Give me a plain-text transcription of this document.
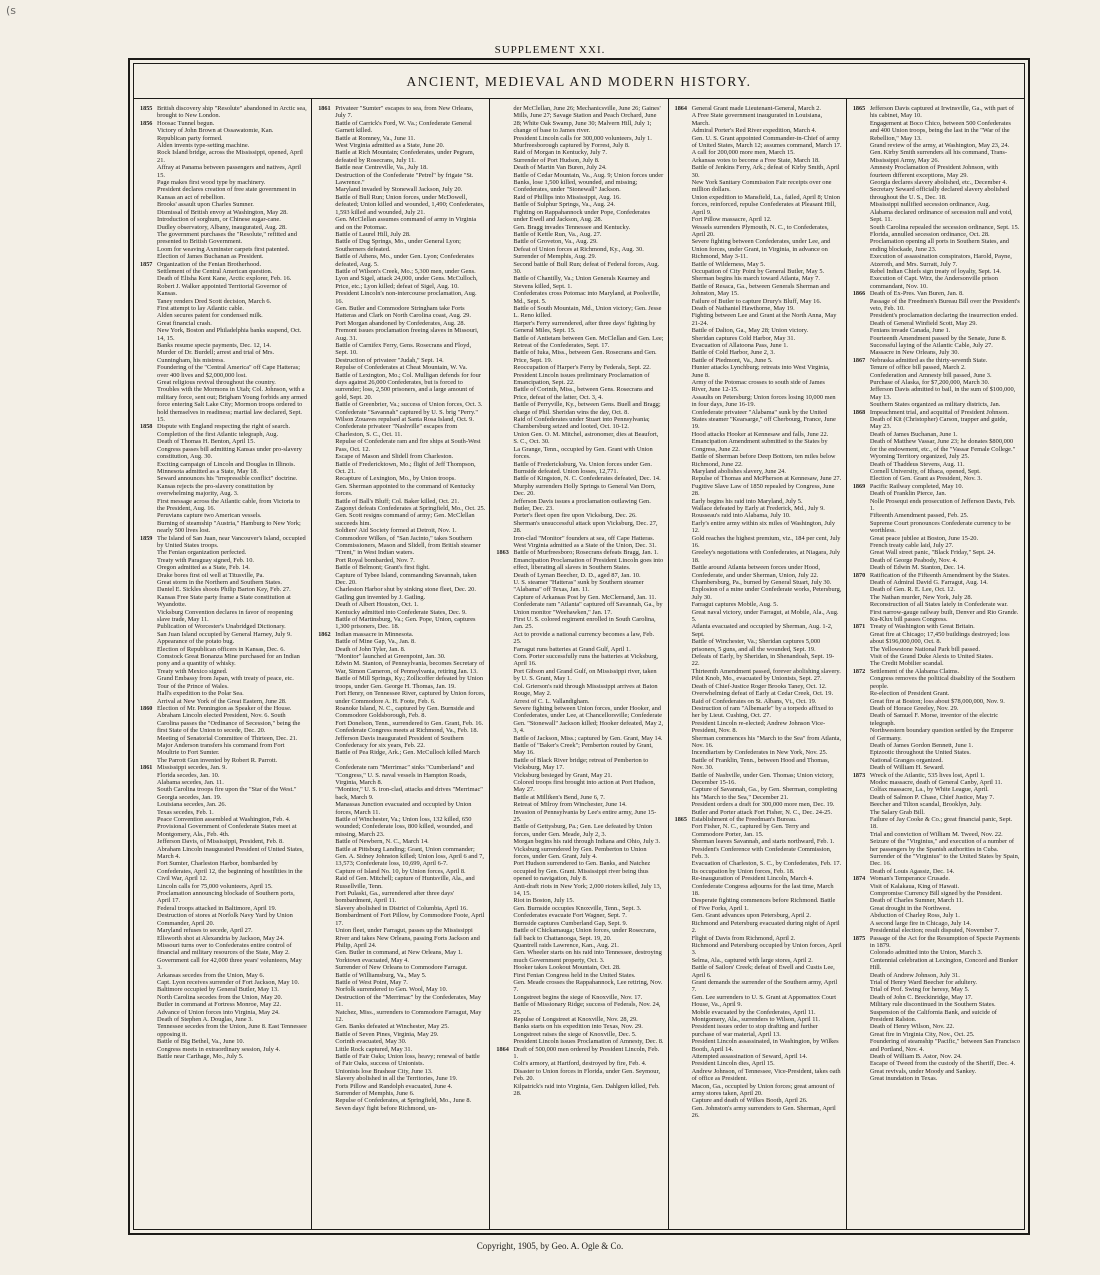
(s
SUPPLEMENT XXI.
ANCIENT, MEDIEVAL AND MODERN HISTORY.
1855 British discovery ship "Resolute" abandoned in Arctic sea, brought to New London.
1856 Hoosac Tunnel begun.
Victory of John Brown at Ossawatomie, Kan.
Republican party formed.
Alden invents type-setting machine.
Rock Island bridge, across the Mississippi, opened, April 21.
Affray at Panama between passengers and natives, April 15.
Page makes first wood type by machinery.
President declares creation of free state government in Kansas an act of rebellion.
Brooks' assault upon Charles Sumner.
Dismissal of British envoy at Washington, May 28.
Introduction of sorghum, or Chinese sugar-cane.
Dudley observatory, Albany, inaugurated, Aug. 28.
The government purchases the "Resolute," refitted and presented to British Government.
Loom for weaving Axminster carpets first patented.
Election of James Buchanan as President.
1857 Organization of the Fenian Brotherhood.
Settlement of the Central American question.
Death of Elisha Kent Kane, Arctic explorer, Feb. 16.
Robert J. Walker appointed Territorial Governor of Kansas.
Taney renders Dred Scott decision, March 6.
First attempt to lay Atlantic cable.
Alden secures patent for condensed milk.
Great financial crash.
New York, Boston and Philadelphia banks suspend, Oct. 14, 15.
Banks resume specie payments, Dec. 12, 14.
Murder of Dr. Burdell; arrest and trial of Mrs. Cunningham, his mistress.
Foundering of the "Central America" off Cape Hatteras; over 400 lives and $2,000,000 lost.
Great religious revival throughout the country.
Troubles with the Mormons in Utah; Col. Johnson, with a military force, sent out; Brigham Young forbids any armed force entering Salt Lake City; Mormon troops ordered to hold themselves in readiness; martial law declared, Sept. 15.
1858 Dispute with England respecting the right of search.
Completion of the first Atlantic telegraph, Aug.
Death of Thomas H. Benton, April 15.
Congress passes bill admitting Kansas under pro-slavery constitution, Aug. 30.
Exciting campaign of Lincoln and Douglas in Illinois.
Minnesota admitted as a State, May 18.
Seward announces his "irrepressible conflict" doctrine.
Kansas rejects the pro-slavery constitution by overwhelming majority, Aug. 3.
First message across the Atlantic cable, from Victoria to the President, Aug. 16.
Peruvians capture two American vessels.
Burning of steamship "Austria," Hamburg to New York; nearly 500 lives lost.
1859 The Island of San Juan, near Vancouver's Island, occupied by United States troops.
The Fenian organization perfected.
Treaty with Paraguay signed, Feb. 10.
Oregon admitted as a State, Feb. 14.
Drake bores first oil well at Titusville, Pa.
Great storm in the Northern and Southern States.
Daniel E. Sickles shoots Philip Barton Key, Feb. 27.
Kansas Free State party frame a State constitution at Wyandotte.
Vicksburg Convention declares in favor of reopening slave trade, May 11.
Publication of Worcester's Unabridged Dictionary.
San Juan Island occupied by General Harney, July 9.
Appearance of the potato bug.
Election of Republican officers in Kansas, Dec. 6.
Comstock Great Bonanza Mine purchased for an Indian pony and a quantity of whisky.
Treaty with Mexico signed.
Grand Embassy from Japan, with treaty of peace, etc.
Tour of the Prince of Wales.
Hall's expedition to the Polar Sea.
Arrival at New York of the Great Eastern, June 28.
1860 Election of Mr. Pennington as Speaker of the House.
Abraham Lincoln elected President, Nov. 6. South Carolina passes the "Ordinance of Secession," being the first State of the Union to secede, Dec. 20.
Meeting of Senatorial Committee of Thirteen, Dec. 21.
Major Anderson transfers his command from Fort Moultrie to Fort Sumter.
The Parrott Gun invented by Robert R. Parrott.
1861 Mississippi secedes, Jan. 9.
Florida secedes, Jan. 10.
Alabama secedes, Jan. 11.
South Carolina troops fire upon the "Star of the West."
Georgia secedes, Jan. 19.
Louisiana secedes, Jan. 26.
Texas secedes, Feb. 1.
Peace Convention assembled at Washington, Feb. 4.
Provisional Government of Confederate States meet at Montgomery, Ala., Feb. 4th.
Jefferson Davis, of Mississippi, President, Feb. 8.
Abraham Lincoln inaugurated President of United States, March 4.
Fort Sumter, Charleston Harbor, bombarded by Confederates, April 12, the beginning of hostilities in the Civil War, April 12.
Lincoln calls for 75,000 volunteers, April 15.
Proclamation announcing blockade of Southern ports, April 17.
Federal troops attacked in Baltimore, April 19.
Destruction of stores at Norfolk Navy Yard by Union Commander, April 20.
Maryland refuses to secede, April 27.
Ellsworth shot at Alexandria by Jackson, May 24.
Missouri turns over to Confederates entire control of financial and military resources of the State, May 2.
Government call for 42,000 three years' volunteers, May 3.
Arkansas secedes from the Union, May 6.
Capt. Lyon receives surrender of Fort Jackson, May 10.
Baltimore occupied by General Butler, May 13.
North Carolina secedes from the Union, May 20.
Butler in command at Fortress Monroe, May 22.
Advance of Union forces into Virginia, May 24.
Death of Stephen A. Douglas, June 3.
Tennessee secedes from the Union, June 8. East Tennessee opposing it.
Battle of Big Bethel, Va., June 10.
Congress meets in extraordinary session, July 4.
Battle near Carthage, Mo., July 5.
1861 Privateer "Sumter" escapes to sea, from New Orleans, July 7.
Battle of Carrick's Ford, W. Va.; Confederate General Garnett killed.
Battle at Romney, Va., June 11.
West Virginia admitted as a State, June 20.
Battle at Rich Mountain; Confederates, under Pegram, defeated by Rosecrans, July 11.
Battle near Centreville, Va., July 18.
Destruction of the Confederate "Petrel" by frigate "St. Lawrence."
Maryland invaded by Stonewall Jackson, July 20.
Battle of Bull Run; Union forces, under McDowell, defeated; Union killed and wounded, 1,490; Confederates, 1,593 killed and wounded, July 21.
Gen. McClellan assumes command of army in Virginia and on the Potomac.
Battle of Laurel Hill, July 28.
Battle of Dug Springs, Mo., under General Lyon; Southerners defeated.
Battle of Athens, Mo., under Gen. Lyon; Confederates defeated, Aug. 5.
Battle of Wilson's Creek, Mo.; 5,300 men, under Gens. Lyon and Sigel, attack 24,000, under Gens. McCulloch, Price, etc.; Lyon killed; defeat of Sigel, Aug. 10.
President Lincoln's non-intercourse proclamation, Aug. 16.
Gen. Butler and Commodore Stringham take Forts Hatteras and Clark on North Carolina coast, Aug. 29.
Port Morgan abandoned by Confederates, Aug. 28.
Fremont issues proclamation freeing slaves in Missouri, Aug. 31.
Battle of Carnifex Ferry, Gens. Rosecrans and Floyd, Sept. 10.
Destruction of privateer "Judah," Sept. 14.
Repulse of Confederates at Cheat Mountain, W. Va.
Battle of Lexington, Mo.; Col. Mulligan defends for four days against 26,000 Confederates, but is forced to surrender; loss, 2,500 prisoners, and a large amount of gold, Sept. 20.
Battle of Greenbrier, Va.; success of Union forces, Oct. 3.
Confederate "Savannah" captured by U. S. brig "Perry."
Wilson Zouaves repulsed at Santa Rosa Island, Oct. 9.
Confederate privateer "Nashville" escapes from Charleston, S. C., Oct. 11.
Repulse of Confederate ram and fire ships at South-West Pass, Oct. 12.
Escape of Mason and Slidell from Charleston.
Battle of Fredericktown, Mo.; flight of Jeff Thompson, Oct. 21.
Recapture of Lexington, Mo., by Union troops.
Gen. Sherman appointed to the command of Kentucky forces.
Battle of Ball's Bluff; Col. Baker killed, Oct. 21.
Zagonyi defeats Confederates at Springfield, Mo., Oct. 25.
Gen. Scott resigns command of army; Gen. McClellan succeeds him.
Soldiers' Aid Society formed at Detroit, Nov. 1.
Commodore Wilkes, of "San Jacinto," takes Southern Commissioners, Mason and Slidell, from British steamer "Trent," in West Indian waters.
Port Royal bombarded, Nov. 7.
Battle of Belmont; Grant's first fight.
Capture of Tybee Island, commanding Savannah, taken Dec. 20.
Charleston Harbor shut by sinking stone fleet, Dec. 20.
Gatling gun invented by J. Gatling.
Death of Albert Houston, Oct. 1.
Kentucky admitted into Confederate States, Dec. 9.
Battle of Martinsburg, Va.; Gen. Pope, Union, captures 1,300 prisoners, Dec. 18.
1862 Indian massacre in Minnesota.
Battle of Mine Gap, Va., Jan. 8.
Death of John Tyler, Jan. 8.
"Monitor" launched at Greenpoint, Jan. 30.
Edwin M. Stanton, of Pennsylvania, becomes Secretary of War, Simon Cameron, of Pennsylvania, retiring Jan. 13.
Battle of Mill Springs, Ky.; Zollicoffer defeated by Union troops, under Gen. George H. Thomas, Jan. 19.
Fort Henry, on Tennessee River, captured by Union forces, under Commodore A. H. Foote, Feb. 6.
Roanoke Island, N. C., captured by Gen. Burnside and Commodore Goldsborough, Feb. 8.
Fort Donelson, Tenn., surrendered to Gen. Grant, Feb. 16.
Confederate Congress meets at Richmond, Va., Feb. 18.
Jefferson Davis inaugurated President of Southern Confederacy for six years, Feb. 22.
Battle of Pea Ridge, Ark.; Gen. McCulloch killed March 6.
Confederate ram "Merrimac" sinks "Cumberland" and "Congress," U. S. naval vessels in Hampton Roads, Virginia, March 8.
"Monitor," U. S. iron-clad, attacks and drives "Merrimac" back, March 9.
Manassas Junction evacuated and occupied by Union forces, March 11.
Battle of Winchester, Va.; Union loss, 132 killed, 650 wounded; Confederate loss, 800 killed, wounded, and missing, March 23.
Battle of Newbern, N. C., March 14.
Battle at Pittsburg Landing; Grant, Union commander; Gen. A. Sidney Johnston killed; Union loss, April 6 and 7, 13,573; Confederate loss, 10,699, April 6-7.
Capture of Island No. 10, by Union forces, April 8.
Raid of Gen. Mitchell; capture of Huntsville, Ala., and Russellville, Tenn.
Fort Pulaski, Ga., surrendered after three days' bombardment, April 11.
Slavery abolished in District of Columbia, April 16.
Bombardment of Fort Pillow, by Commodore Foote, April 17.
Union fleet, under Farragut, passes up the Mississippi River and takes New Orleans, passing Forts Jackson and Philip, April 24.
Gen. Butler in command, at New Orleans, May 1.
Yorktown evacuated, May 4.
Surrender of New Orleans to Commodore Farragut.
Battle of Williamsburg, Va., May 5.
Battle of West Point, May 7.
Norfolk surrendered to Gen. Wool, May 10.
Destruction of the "Merrimac" by the Confederates, May 11.
Natchez, Miss., surrenders to Commodore Farragut, May 12.
Gen. Banks defeated at Winchester, May 25.
Battle of Seven Pines, Virginia, May 29.
Corinth evacuated, May 30.
Little Rock captured, May 31.
Battle of Fair Oaks; Union loss, heavy; renewal of battle of Fair Oaks, success of Unionists.
Unionists lose Brashear City, June 13.
Slavery abolished in all the Territories, June 19.
Forts Pillow and Randolph evacuated, June 4.
Surrender of Memphis, June 6.
Repulse of Confederates, at Springfield, Mo., June 8.
Seven days' fight before Richmond, un-
der McClellan, June 26; Mechanicsville, June 26; Gaines' Mills, June 27; Savage Station and Peach Orchard, June 28; White Oak Swamp, June 30; Malvern Hill, July 1; change of base to James river.
President Lincoln calls for 300,000 volunteers, July 1.
Murfreesborough captured by Forrest, July 8.
Raid of Morgan in Kentucky, July 7.
Surrender of Port Hudson, July 8.
Death of Martin Van Buren, July 24.
Battle of Cedar Mountain, Va., Aug. 9; Union forces under Banks, lose 1,500 killed, wounded, and missing; Confederates, under "Stonewall" Jackson.
Raid of Phillips into Mississippi, Aug. 16.
Battle of Sulphur Springs, Va., Aug. 24.
Fighting on Rappahannock under Pope, Confederates under Ewell and Jackson, Aug. 28.
Gen. Bragg invades Tennessee and Kentucky.
Battle of Kettle Run, Va., Aug. 27.
Battle of Groveton, Va., Aug. 29.
Defeat of Union forces at Richmond, Ky., Aug. 30.
Surrender of Memphis, Aug. 29.
Second battle of Bull Run; defeat of Federal forces, Aug. 30.
Battle of Chantilly, Va.; Union Generals Kearney and Stevens killed, Sept. 1.
Confederates cross Potomac into Maryland, at Poolsville, Md., Sept. 5.
Battle of South Mountain, Md., Union victory; Gen. Jesse L. Reno killed.
Harper's Ferry surrendered, after three days' fighting by General Miles, Sept. 15.
Battle of Antietam between Gen. McClellan and Gen. Lee; Retreat of the Confederates, Sept. 17.
Battle of Iuka, Miss., between Gen. Rosecrans and Gen. Price, Sept. 19.
Reoccupation of Harper's Ferry by Federals, Sept. 22.
President Lincoln issues preliminary Proclamation of Emancipation, Sept. 22.
Battle of Corinth, Miss., between Gens. Rosecrans and Price, defeat of the latter, Oct. 3, 4.
Battle of Perryville, Ky., between Gens. Buell and Bragg; charge of Phil. Sheridan wins the day, Oct. 8.
Raid of Confederates under Stuart into Pennsylvania; Chambersburg seized and looted, Oct. 10-12.
Union Gen. O. M. Mitchel, astronomer, dies at Beaufort, S. C., Oct. 30.
La Grange, Tenn., occupied by Gen. Grant with Union forces.
Battle of Fredericksburg, Va. Union forces under Gen. Burnside defeated. Union losses, 12,771.
Battle of Kingston, N. C. Confederates defeated, Dec. 14.
Murphy surrenders Holly Springs to General Van Dorn, Dec. 20.
Jefferson Davis issues a proclamation outlawing Gen. Butler, Dec. 23.
Porter's fleet open fire upon Vicksburg, Dec. 26.
Sherman's unsuccessful attack upon Vicksburg, Dec. 27, 28.
Iron-clad "Monitor" founders at sea, off Cape Hatteras.
West Virginia admitted as a State of the Union, Dec. 31.
1863 Battle of Murfreesboro; Rosecrans defeats Bragg, Jan. 1.
Emancipation Proclamation of President Lincoln goes into effect, liberating all slaves in Southern States.
Death of Lyman Beecher, D. D., aged 87, Jan. 10.
U. S. steamer "Hatteras" sunk by Southern steamer "Alabama" off Texas, Jan. 11.
Capture of Arkansas Post by Gen. McClernand, Jan. 11.
Confederate ram "Atlanta" captured off Savannah, Ga., by Union monitor "Weehawken," Jan. 17.
First U. S. colored regiment enrolled in South Carolina, Jan. 25.
Act to provide a national currency becomes a law, Feb. 25.
Farragut runs batteries at Grand Gulf, April 1.
Com. Porter successfully runs the batteries at Vicksburg, April 16.
Port Gibson and Grand Gulf, on Mississippi river, taken by U. S. Grant, May 1.
Col. Grierson's raid through Mississippi arrives at Baton Rouge, May 2.
Arrest of C. L. Vallandigham.
Severe fighting between Union forces, under Hooker, and Confederates, under Lee, at Chancellorsville; Confederate Gen. "Stonewall" Jackson killed; Hooker defeated, May 2, 3, 4.
Battle of Jackson, Miss.; captured by Gen. Grant, May 14.
Battle of "Baker's Creek"; Pemberton routed by Grant, May 16.
Battle of Black River bridge; retreat of Pemberton to Vicksburg, May 17.
Vicksburg besieged by Grant, May 21.
Colored troops first brought into action at Port Hudson, May 27.
Battle at Milliken's Bend, June 6, 7.
Retreat of Milroy from Winchester, June 14.
Invasion of Pennsylvania by Lee's entire army, June 15-25.
Battle of Gettysburg, Pa.; Gen. Lee defeated by Union forces, under Gen. Meade, July 2, 3.
Morgan begins his raid through Indiana and Ohio, July 3.
Vicksburg surrendered by Gen. Pemberton to Union forces, under Gen. Grant, July 4.
Port Hudson surrendered to Gen. Banks, and Natchez occupied by Gen. Grant. Mississippi river being thus opened to navigation, July 8.
Anti-draft riots in New York; 2,000 rioters killed, July 13, 14, 15.
Riot in Boston, July 15.
Gen. Burnside occupies Knoxville, Tenn., Sept. 3.
Confederates evacuate Fort Wagner, Sept. 7.
Burnside captures Cumberland Gap, Sept. 9.
Battle of Chickamauga; Union forces, under Rosecrans, fall back to Chattanooga, Sept. 19, 20.
Quantrell raids Lawrence, Kan., Aug. 21.
Gen. Wheeler starts on his raid into Tennessee, destroying much Government property, Oct. 3.
Hooker takes Lookout Mountain, Oct. 28.
First Fenian Congress held in the United States.
Gen. Meade crosses the Rappahannock, Lee retiring, Nov. 7.
Longstreet begins the siege of Knoxville, Nov. 17.
Battle of Missionary Ridge; success of Federals, Nov. 24, 25.
Repulse of Longstreet at Knoxville, Nov. 28, 29.
Banks starts on his expedition into Texas, Nov. 29.
Longstreet raises the siege of Knoxville, Dec. 5.
President Lincoln issues Proclamation of Amnesty, Dec. 8.
1864 Draft of 500,000 men ordered by President Lincoln, Feb. 1.
Colt's armory, at Hartford, destroyed by fire, Feb. 4.
Disaster to Union forces in Florida, under Gen. Seymour, Feb. 20.
Kilpatrick's raid into Virginia, Gen. Dahlgren killed, Feb. 28.
1864 General Grant made Lieutenant-General, March 2.
A Free State government inaugurated in Louisiana, March.
Admiral Porter's Red River expedition, March 4.
Gen. U. S. Grant appointed Commander-in-Chief of army of United States, March 12; assumes command, March 17.
A call for 200,000 more men, March 15.
Arkansas votes to become a Free State, March 18.
Battle of Jenkins Ferry, Ark.; defeat of Kirby Smith, April 30.
New York Sanitary Commission Fair receipts over one million dollars.
Union expedition to Mansfield, La., failed, April 8; Union forces, reinforced, repulse Confederates at Pleasant Hill, April 9.
Fort Pillow massacre, April 12.
Wessels surrenders Plymouth, N. C., to Confederates, April 20.
Severe fighting between Confederates, under Lee, and Union forces, under Grant, in Virginia, in advance on Richmond, May 3-11.
Battle of Wilderness, May 5.
Occupation of City Point by General Butler, May 5.
Sherman begins his march toward Atlanta, May 7.
Battle of Resaca, Ga., between Generals Sherman and Johnston, May 15.
Failure of Butler to capture Drury's Bluff, May 16.
Death of Nathaniel Hawthorne, May 19.
Fighting between Lee and Grant at the North Anna, May 21-24.
Battle of Dalton, Ga., May 28; Union victory.
Sheridan captures Cold Harbor, May 31.
Evacuation of Allatoona Pass, June 1.
Battle of Cold Harbor, June 2, 3.
Battle of Piedmont, Va., June 5.
Hunter attacks Lynchburg; retreats into West Virginia, June 8.
Army of the Potomac crosses to south side of James River, June 12-15.
Assaults on Petersburg; Union forces losing 10,000 men in four days, June 16-19.
Confederate privateer "Alabama" sunk by the United States steamer "Kearsarge," off Cherbourg, France, June 19.
Hood attacks Hooker at Kennesaw and falls, June 22.
Emancipation Amendment submitted to the States by Congress, June 22.
Battle of Sherman before Deep Bottom, ten miles below Richmond, June 22.
Maryland abolishes slavery, June 24.
Repulse of Thomas and McPherson at Kennesaw, June 27.
Fugitive Slave Law of 1850 repealed by Congress, June 28.
Early begins his raid into Maryland, July 5.
Wallace defeated by Early at Frederick, Md., July 9.
Rousseau's raid into Alabama, July 10.
Early's entire army within six miles of Washington, July 12.
Gold reaches the highest premium, viz., 184 per cent, July 16.
Greeley's negotiations with Confederates, at Niagara, July 18.
Battle around Atlanta between forces under Hood, Confederate, and under Sherman, Union, July 22.
Chambersburg, Pa., burned by General Stuart, July 30.
Explosion of a mine under Confederate works, Petersburg, July 30.
Farragut captures Mobile, Aug. 5.
Great naval victory, under Farragut, at Mobile, Ala., Aug. 5.
Atlanta evacuated and occupied by Sherman, Aug. 1-2, Sept.
Battle of Winchester, Va.; Sheridan captures 5,000 prisoners, 5 guns, and all the wounded, Sept. 19.
Defeats of Early, by Sheridan, in Shenandoah, Sept. 19-22.
Thirteenth Amendment passed, forever abolishing slavery.
Pilot Knob, Mo., evacuated by Unionists, Sept. 27.
Death of Chief-Justice Roger Brooks Taney, Oct. 12.
Overwhelming defeat of Early at Cedar Creek, Oct. 19.
Raid of Confederates on St. Albans, Vt., Oct. 19.
Destruction of ram "Albemarle" by a torpedo affixed to her by Lieut. Cushing, Oct. 27.
President Lincoln re-elected; Andrew Johnson Vice-President, Nov. 8.
Sherman commences his "March to the Sea" from Atlanta, Nov. 16.
Incendiarism by Confederates in New York, Nov. 25.
Battle of Franklin, Tenn., between Hood and Thomas, Nov. 30.
Battle of Nashville, under Gen. Thomas; Union victory, December 15-16.
Capture of Savannah, Ga., by Gen. Sherman, completing his "March to the Sea," December 21.
President orders a draft for 300,000 more men, Dec. 19.
Butler and Porter attack Fort Fisher, N. C., Dec. 24-25.
1865 Establishment of the Freedman's Bureau.
Fort Fisher, N. C., captured by Gen. Terry and Commodore Porter, Jan. 15.
Sherman leaves Savannah, and starts northward, Feb. 1.
President's Conference with Confederate Commission, Feb. 3.
Evacuation of Charleston, S. C., by Confederates, Feb. 17.
Its occupation by Union forces, Feb. 18.
Re-inauguration of President Lincoln, March 4.
Confederate Congress adjourns for the last time, March 18.
Desperate fighting commences before Richmond. Battle of Five Forks, April 1.
Gen. Grant advances upon Petersburg, April 2.
Richmond and Petersburg evacuated during night of April 2.
Flight of Davis from Richmond, April 2.
Richmond and Petersburg occupied by Union forces, April 3.
Selma, Ala., captured with large stores, April 2.
Battle of Sailors' Creek; defeat of Ewell and Custis Lee, April 6.
Grant demands the surrender of the Southern army, April 7.
Gen. Lee surrenders to U. S. Grant at Appomattox Court House, Va., April 9.
Mobile evacuated by the Confederates, April 11.
Montgomery, Ala., surrenders to Wilson, April 11.
President issues order to stop drafting and further purchase of war material, April 13.
President Lincoln assassinated, in Washington, by Wilkes Booth, April 14.
Attempted assassination of Seward, April 14.
President Lincoln dies, April 15.
Andrew Johnson, of Tennessee, Vice-President, takes oath of office as President.
Macon, Ga., occupied by Union forces; great amount of army stores taken, April 20.
Capture and death of Wilkes Booth, April 26.
Gen. Johnston's army surrenders to Gen. Sherman, April 26.
1865 Jefferson Davis captured at Irwinsville, Ga., with part of his cabinet, May 10.
Engagement at Boco Chico, between 500 Confederates and 400 Union troops, being the last in the "War of the Rebellion," May 13.
Grand review of the army, at Washington, May 23, 24.
Gen. Kirby Smith surrenders all his command, Trans-Mississippi Army, May 26.
Amnesty Proclamation of President Johnson, with fourteen different exceptions, May 29.
Georgia declares slavery abolished, etc., December 4.
Secretary Seward officially declared slavery abolished throughout the U. S., Dec. 18.
Mississippi nullified secession ordinance, Aug.
Alabama declared ordinance of secession null and void, Sept. 11.
South Carolina repealed the secession ordinance, Sept. 15.
Florida, annulled secession ordinance, Oct. 28.
Proclamation opening all ports in Southern States, and ending blockade, June 23.
Execution of assassination conspirators, Harold, Payne, Atzeroth, and Mrs. Surratt, July 7.
Rebel Indian Chiefs sign treaty of loyalty, Sept. 14.
Execution of Capt. Wirz, the Andersonville prison commandant, Nov. 10.
1866 Death of Ex-Pres. Van Buren, Jan. 8.
Passage of the Freedmen's Bureau Bill over the President's veto, Feb. 10.
President's proclamation declaring the insurrection ended.
Death of General Winfield Scott, May 29.
Fenians invade Canada, June 1.
Fourteenth Amendment passed by the Senate, June 8.
Successful laying of the Atlantic Cable, July 27.
Massacre in New Orleans, July 30.
1867 Nebraska admitted as the thirty-seventh State.
Tenure of office bill passed, March 2.
Confederation and Amnesty bill passed, June 3.
Purchase of Alaska, for $7,200,000, March 30.
Jefferson Davis admitted to bail, in the sum of $100,000, May 13.
Southern States organized as military districts, Jan.
1868 Impeachment trial, and acquittal of President Johnson.
Death of Kit (Christopher) Carson, trapper and guide, May 23.
Death of James Buchanan, June 1.
Death of Matthew Vassar, June 23; he donates $800,000 for the endowment, etc., of the "Vassar Female College."
Wyoming Territory organized, July 25.
Death of Thaddeus Stevens, Aug. 11.
Cornell University, of Ithaca, opened, Sept.
Election of Gen. Grant as President, Nov. 3.
1869 Pacific Railway completed, May 10.
Death of Franklin Pierce, Jan.
Nolle Prosequi ends prosecution of Jefferson Davis, Feb. 1.
Fifteenth Amendment passed, Feb. 25.
Supreme Court pronounces Confederate currency to be worthless.
Great peace jubilee at Boston, June 15-20.
French treaty cable laid, July 27.
Great Wall street panic, "Black Friday," Sept. 24.
Death of George Peabody, Nov. 4.
Death of Edwin M. Stanton, Dec. 14.
1870 Ratification of the Fifteenth Amendment by the States.
Death of Admiral David G. Farragut, Aug. 14.
Death of Gen. R. E. Lee, Oct. 12.
The Nathan murder, New York, July 28.
Reconstruction of all States lately in Confederate war.
First narrow-gauge railway built, Denver and Rio Grande.
Ku-Klux bill passes Congress.
1871 Treaty of Washington with Great Britain.
Great fire at Chicago; 17,450 buildings destroyed; loss about $196,000,000, Oct. 8.
The Yellowstone National Park bill passed.
Visit of the Grand Duke Alexis to United States.
The Credit Mobilier scandal.
1872 Settlement of the Alabama Claims.
Congress removes the political disability of the Southern people.
Re-election of President Grant.
Great fire at Boston; loss about $78,000,000, Nov. 9.
Death of Horace Greeley, Nov. 29.
Death of Samuel F. Morse, inventor of the electric telegraph.
Northwestern boundary question settled by the Emperor of Germany.
Death of James Gordon Bennett, June 1.
Epizootic throughout the United States.
National Granges organized.
Death of William H. Seward.
1873 Wreck of the Atlantic, 535 lives lost, April 1.
Modoc massacre, death of General Canby, April 11.
Colfax massacre, La., by White League, April.
Death of Salmon P. Chase, Chief Justice, May 7.
Beecher and Tilton scandal, Brooklyn, July.
The Salary Grab Bill.
Failure of Jay Cooke & Co.; great financial panic, Sept. 18.
Trial and conviction of William M. Tweed, Nov. 22.
Seizure of the "Virginius," and execution of a number of her passengers by the Spanish authorities in Cuba.
Surrender of the "Virginius" to the United States by Spain, Dec. 16.
Death of Louis Agassiz, Dec. 14.
1874 Woman's Temperance Crusade.
Visit of Kalakaua, King of Hawaii.
Compromise Currency Bill signed by the President.
Death of Charles Sumner, March 11.
Great drought in the Northwest.
Abduction of Charley Ross, July 1.
A second large fire in Chicago, July 14.
Presidential election; result disputed, November 7.
1875 Passage of the Act for the Resumption of Specie Payments in 1879.
Colorado admitted into the Union, March 3.
Centennial celebration at Lexington, Concord and Bunker Hill.
Death of Andrew Johnson, July 31.
Trial of Henry Ward Beecher for adultery.
Trial of Prof. Swing for heresy, May 5.
Death of John C. Breckinridge, May 17.
Military rule discontinued in the Southern States.
Suspension of the California Bank, and suicide of President Ralston.
Death of Henry Wilson, Nov. 22.
Great fire in Virginia City, Nov., Oct. 25.
Foundering of steamship "Pacific," between San Francisco and Portland, Nov. 4.
Death of William B. Astor, Nov. 24.
Escape of Tweed from the custody of the Sheriff, Dec. 4.
Great revivals, under Moody and Sankey.
Great inundation in Texas.
Copyright, 1905, by Geo. A. Ogle & Co.
